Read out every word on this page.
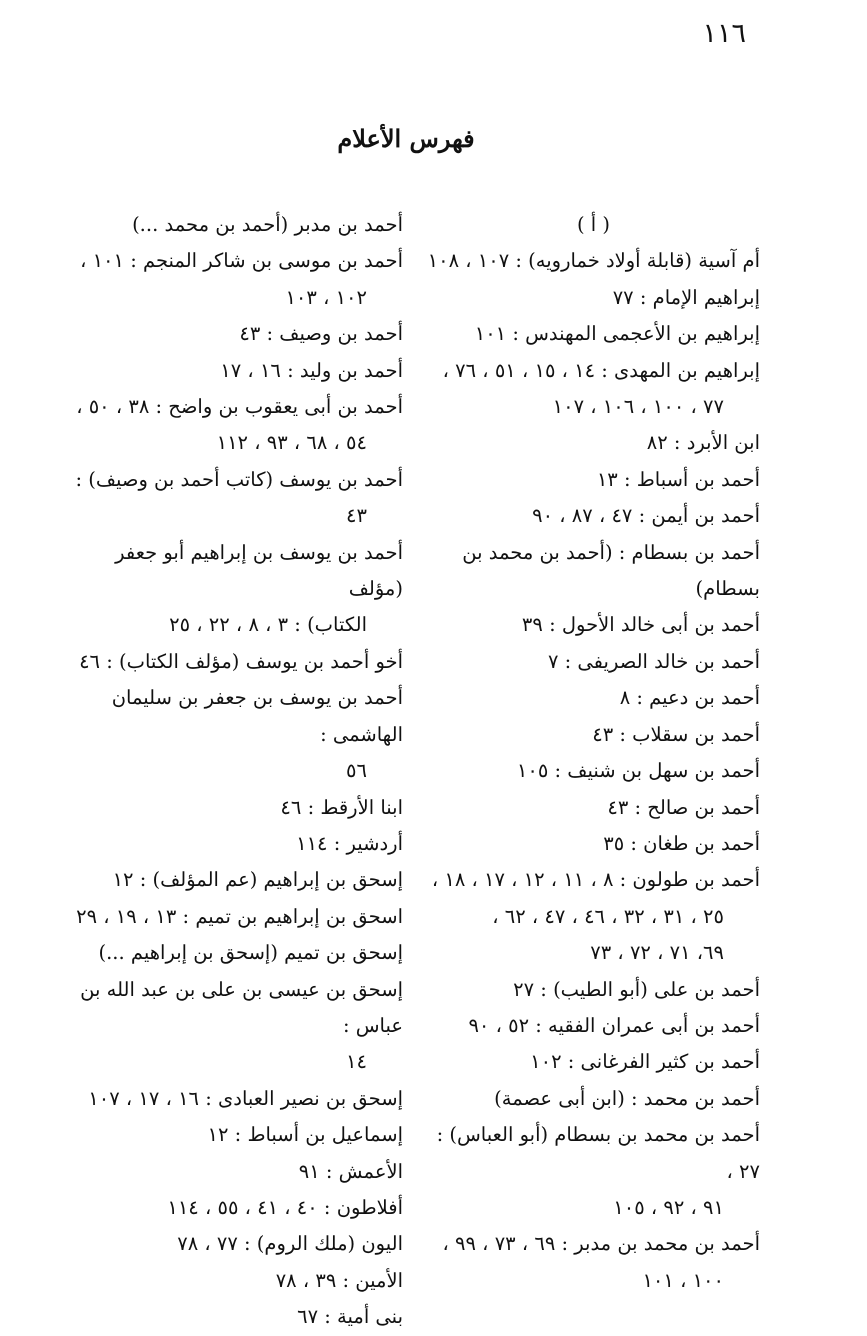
١١٦
فهرس الأعلام
( أ )
أم آسية (قابلة أولاد خمارويه) : ١٠٧ ، ١٠٨
إبراهيم الإمام : ٧٧
إبراهيم بن الأعجمى المهندس : ١٠١
إبراهيم بن المهدى : ١٤ ، ١٥ ، ٥١ ، ٧٦ ،
٧٧ ، ١٠٠ ، ١٠٦ ، ١٠٧
ابن الأبرد : ٨٢
أحمد بن أسباط : ١٣
أحمد بن أيمن : ٤٧ ، ٨٧ ، ٩٠
أحمد بن بسطام : (أحمد بن محمد بن بسطام)
أحمد بن أبى خالد الأحول : ٣٩
أحمد بن خالد الصريفى : ٧
أحمد بن دعيم : ٨
أحمد بن سقلاب : ٤٣
أحمد بن سهل بن شنيف : ١٠٥
أحمد بن صالح : ٤٣
أحمد بن طغان : ٣٥
أحمد بن طولون : ٨ ، ١١ ، ١٢ ، ١٧ ، ١٨ ،
٢٥ ، ٣١ ، ٣٢ ، ٤٦ ، ٤٧ ، ٦٢ ،
٦٩، ٧١ ، ٧٢ ، ٧٣
أحمد بن على (أبو الطيب) : ٢٧
أحمد بن أبى عمران الفقيه : ٥٢ ، ٩٠
أحمد بن كثير الفرغانى : ١٠٢
أحمد بن محمد : (ابن أبى عصمة)
أحمد بن محمد بن بسطام (أبو العباس) : ٢٧ ،
٩١ ، ٩٢ ، ١٠٥
أحمد بن محمد بن مدبر : ٦٩ ، ٧٣ ، ٩٩ ،
١٠٠ ، ١٠١
أحمد بن مدبر (أحمد بن محمد ...)
أحمد بن موسى بن شاكر المنجم : ١٠١ ،
١٠٢ ، ١٠٣
أحمد بن وصيف : ٤٣
أحمد بن وليد : ١٦ ، ١٧
أحمد بن أبى يعقوب بن واضح : ٣٨ ، ٥٠ ،
٥٤ ، ٦٨ ، ٩٣ ، ١١٢
أحمد بن يوسف (كاتب أحمد بن وصيف) :
٤٣
أحمد بن يوسف بن إبراهيم أبو جعفر (مؤلف
الكتاب) : ٣ ، ٨ ، ٢٢ ، ٢٥
أخو أحمد بن يوسف (مؤلف الكتاب) : ٤٦
أحمد بن يوسف بن جعفر بن سليمان الهاشمى :
٥٦
ابنا الأرقط : ٤٦
أردشير : ١١٤
إسحق بن إبراهيم (عم المؤلف) : ١٢
اسحق بن إبراهيم بن تميم : ١٣ ، ١٩ ، ٢٩
إسحق بن تميم (إسحق بن إبراهيم ...)
إسحق بن عيسى بن على بن عبد الله بن عباس :
١٤
إسحق بن نصير العبادى : ١٦ ، ١٧ ، ١٠٧
إسماعيل بن أسباط : ١٢
الأعمش : ٩١
أفلاطون : ٤٠ ، ٤١ ، ٥٥ ، ١١٤
اليون (ملك الروم) : ٧٧ ، ٧٨
الأمين : ٣٩ ، ٧٨
بنى أمية : ٦٧
